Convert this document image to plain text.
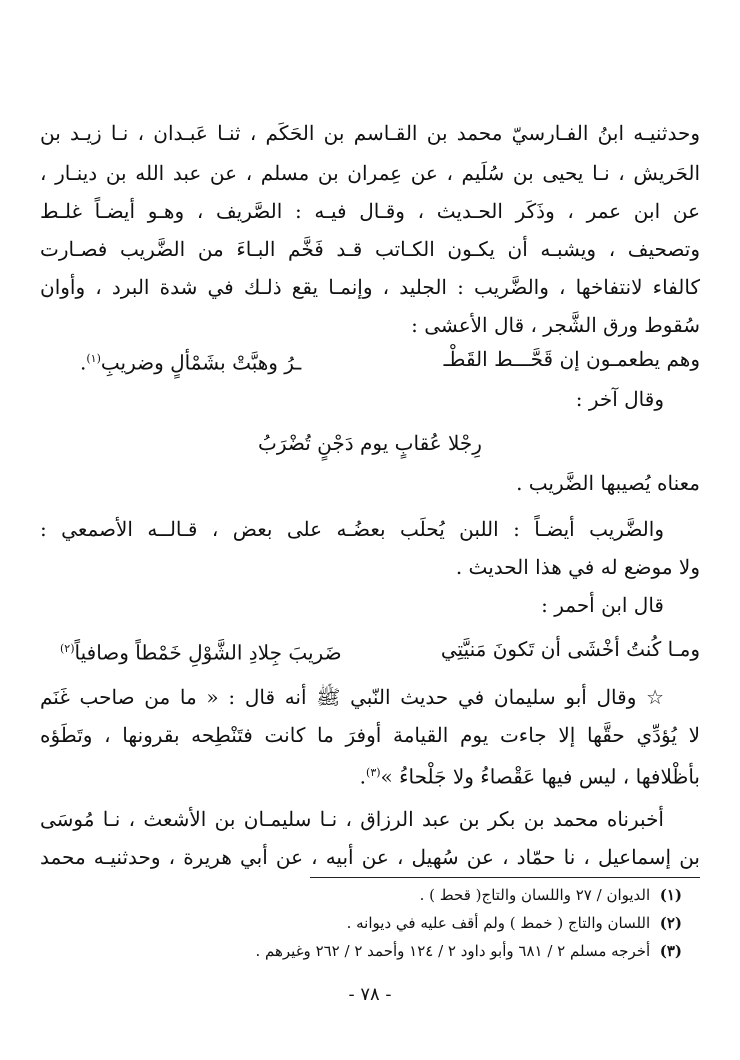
وحدثنيـه ابنُ الفـارسيّ محمد بن القـاسم بن الحَكَم ، ثنـا عَبـدان ، نـا زيـد بن
الحَريش ، نـا يحيى بن سُلَيم ، عن عِمران بن مسلم ، عن عبد الله بن دينـار ،
عن ابن عمر ، وذَكَر الحـديث ، وقـال فيـه : الصَّريف ، وهـو أيضـاً غلـط
وتصحيف ، ويشبـه أن يكـون الكـاتب قـد فَخَّم البـاءَ من الضَّريب فصـارت
كالفاء لانتفاخها ، والضَّريب : الجليد ، وإنمـا يقع ذلـك في شدة البرد ، وأوان
سُقوط ورق الشَّجر ، قال الأعشى :
وهم يطعمـون إن قَحَّـــط القَطْـ
ـرُ وهبَّتْ بشَمْألٍ وضريبِ$^{(١)}$.
وقال آخر :
رِجْلا عُقابٍ يوم دَجْنٍ تُضْرَبُ
معناه يُصيبها الضَّريب .
والضَّريب أيضـاً : اللبن يُحلَب بعضُـه على بعض ، قـالــه الأصمعي :
ولا موضع له في هذا الحديث .
قال ابن أحمر :
ومـا كُنتُ أخْشَى أن تَكونَ مَنيَّتِي
ضَريبَ جِلادِ الشَّوْلِ خَمْطاً وصافياً$^{(٢)}$
☆ وقال أبو سليمان في حديث النّبي ﷺ أنه قال : « ما من صاحب غَنَم
لا يُؤدِّي حقَّها إلا جاءت يوم القيامة أوفرَ ما كانت فتَنْطِحه بقرونها ، وتَطَؤه
بأظْلافها ، ليس فيها عَقْصاءُ ولا جَلْحاءُ »$^{(٣)}$.
أخبرناه محمد بن بكر بن عبد الرزاق ، نـا سليمـان بن الأشعث ، نـا مُوسَى
بن إسماعيل ، نا حمّاد ، عن سُهيل ، عن أبيه ، عن أبي هريرة ، وحدثنيـه محمد
(١)  الديوان / ٢٧ واللسان والتاج( قحط ) .
(٢)  اللسان والتاج ( خمط ) ولم أقف عليه في ديوانه .
(٣)  أخرجه مسلم ٢ / ٦٨١ وأبو داود ٢ / ١٢٤ وأحمد ٢ / ٢٦٢ وغيرهم .
- ٧٨ -
